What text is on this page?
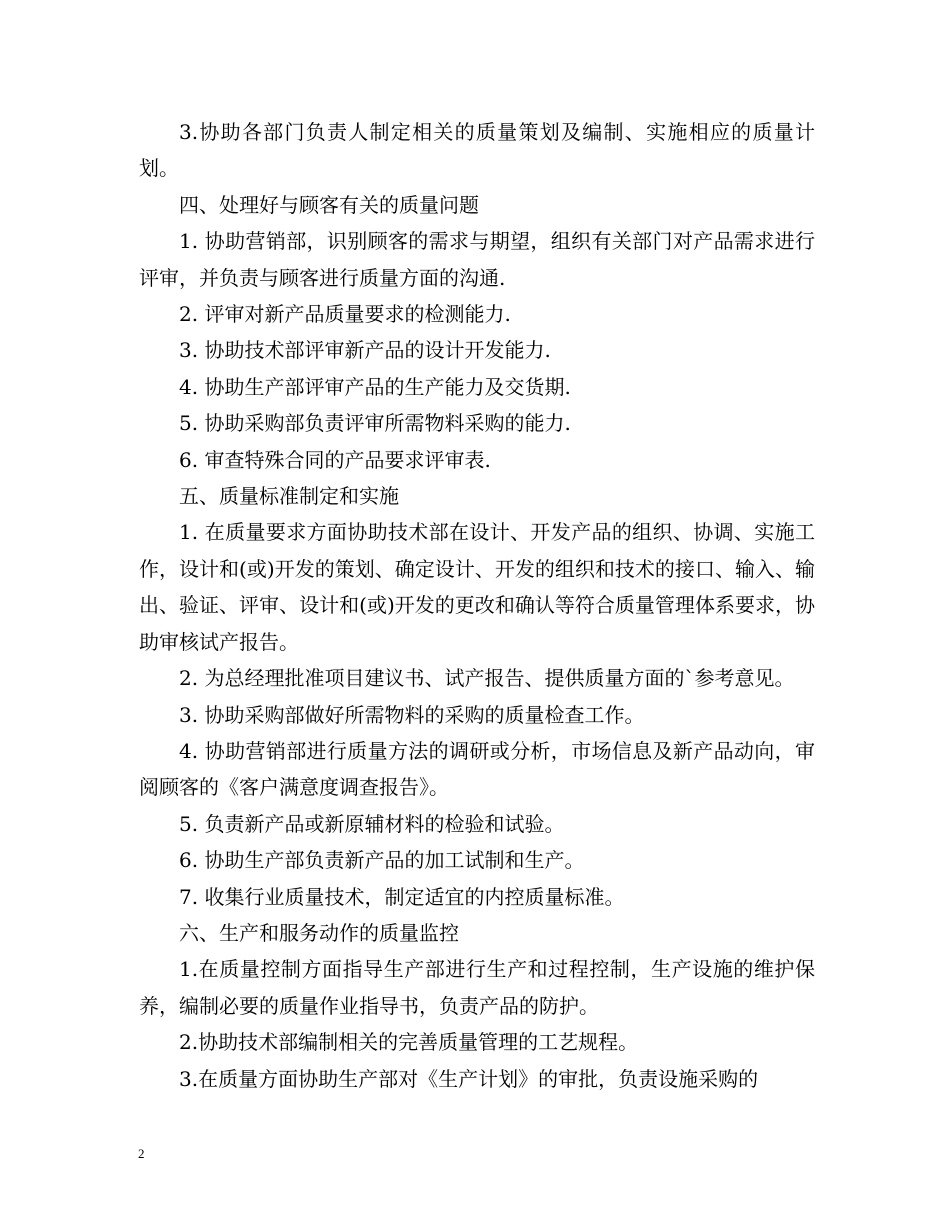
3.协助各部门负责人制定相关的质量策划及编制、实施相应的质量计划。

四、处理好与顾客有关的质量问题

1. 协助营销部，识别顾客的需求与期望，组织有关部门对产品需求进行评审，并负责与顾客进行质量方面的沟通.

2. 评审对新产品质量要求的检测能力.

3. 协助技术部评审新产品的设计开发能力.

4. 协助生产部评审产品的生产能力及交货期.

5. 协助采购部负责评审所需物料采购的能力.

6. 审查特殊合同的产品要求评审表.

五、质量标准制定和实施

1. 在质量要求方面协助技术部在设计、开发产品的组织、协调、实施工作，设计和(或)开发的策划、确定设计、开发的组织和技术的接口、输入、输出、验证、评审、设计和(或)开发的更改和确认等符合质量管理体系要求，协助审核试产报告。

2. 为总经理批准项目建议书、试产报告、提供质量方面的`参考意见。

3. 协助采购部做好所需物料的采购的质量检查工作。

4. 协助营销部进行质量方法的调研或分析，市场信息及新产品动向，审阅顾客的《客户满意度调查报告》。

5. 负责新产品或新原辅材料的检验和试验。

6. 协助生产部负责新产品的加工试制和生产。

7. 收集行业质量技术，制定适宜的内控质量标准。

六、生产和服务动作的质量监控

1.在质量控制方面指导生产部进行生产和过程控制，生产设施的维护保养，编制必要的质量作业指导书，负责产品的防护。

2.协助技术部编制相关的完善质量管理的工艺规程。

3.在质量方面协助生产部对《生产计划》的审批，负责设施采购的

2
